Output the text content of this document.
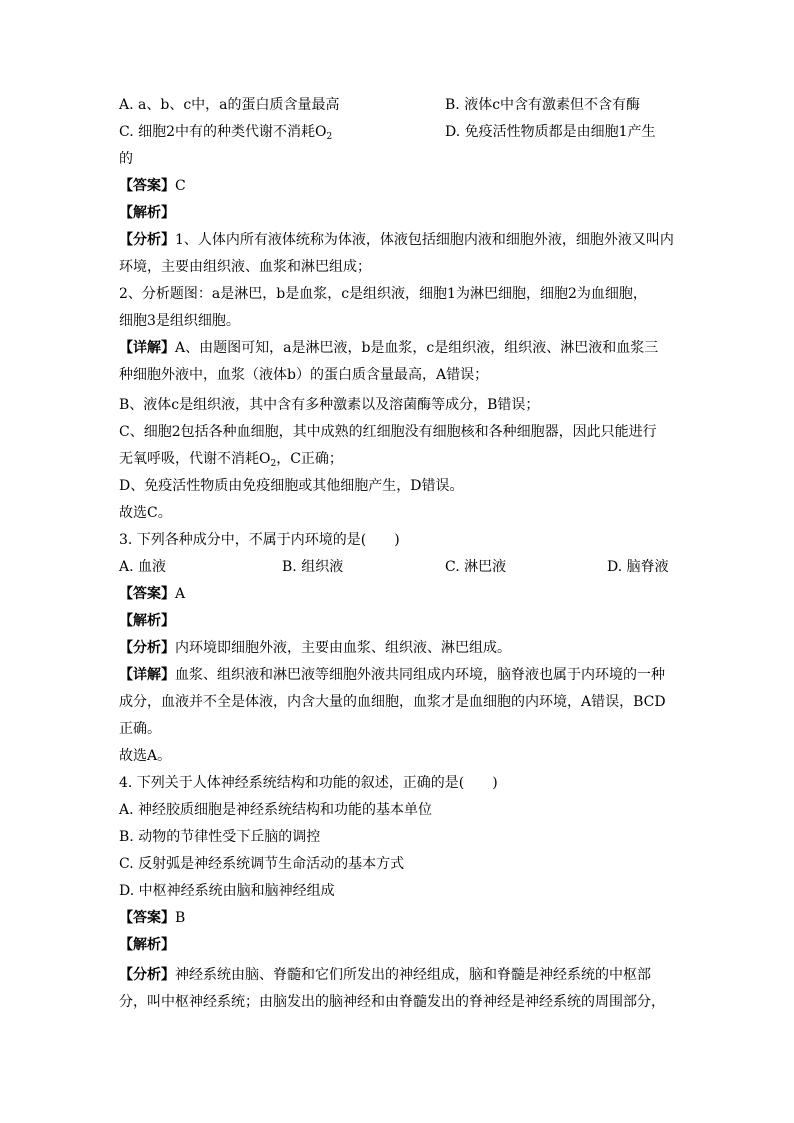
A. a、b、c中，a的蛋白质含量最高	B. 液体c中含有激素但不含有酶
C. 细胞2中有的种类代谢不消耗$O_2$	D. 免疫活性物质都是由细胞1产生
的
【答案】C
【解析】
【分析】1、人体内所有液体统称为体液，体液包括细胞内液和细胞外液，细胞外液又叫内
环境，主要由组织液、血浆和淋巴组成；
2、分析题图：a是淋巴，b是血浆，c是组织液，细胞1为淋巴细胞，细胞2为血细胞，
细胞3是组织细胞。
【详解】A、由题图可知，a是淋巴液，b是血浆，c是组织液，组织液、淋巴液和血浆三
种细胞外液中，血浆（液体b）的蛋白质含量最高，A错误；
B、液体c是组织液，其中含有多种激素以及溶菌酶等成分，B错误；
C、细胞2包括各种血细胞，其中成熟的红细胞没有细胞核和各种细胞器，因此只能进行
无氧呼吸，代谢不消耗$O_2$，C正确；
D、免疫活性物质由免疫细胞或其他细胞产生，D错误。
故选C。
3. 下列各种成分中，不属于内环境的是(　　)
A. 血液	B. 组织液	C. 淋巴液	D. 脑脊液
【答案】A
【解析】
【分析】内环境即细胞外液，主要由血浆、组织液、淋巴组成。
【详解】血浆、组织液和淋巴液等细胞外液共同组成内环境，脑脊液也属于内环境的一种
成分，血液并不全是体液，内含大量的血细胞，血浆才是血细胞的内环境，A错误，BCD
正确。
故选A。
4. 下列关于人体神经系统结构和功能的叙述，正确的是(　　)
A. 神经胶质细胞是神经系统结构和功能的基本单位
B. 动物的节律性受下丘脑的调控
C. 反射弧是神经系统调节生命活动的基本方式
D. 中枢神经系统由脑和脑神经组成
【答案】B
【解析】
【分析】神经系统由脑、脊髓和它们所发出的神经组成，脑和脊髓是神经系统的中枢部
分，叫中枢神经系统；由脑发出的脑神经和由脊髓发出的脊神经是神经系统的周围部分，
